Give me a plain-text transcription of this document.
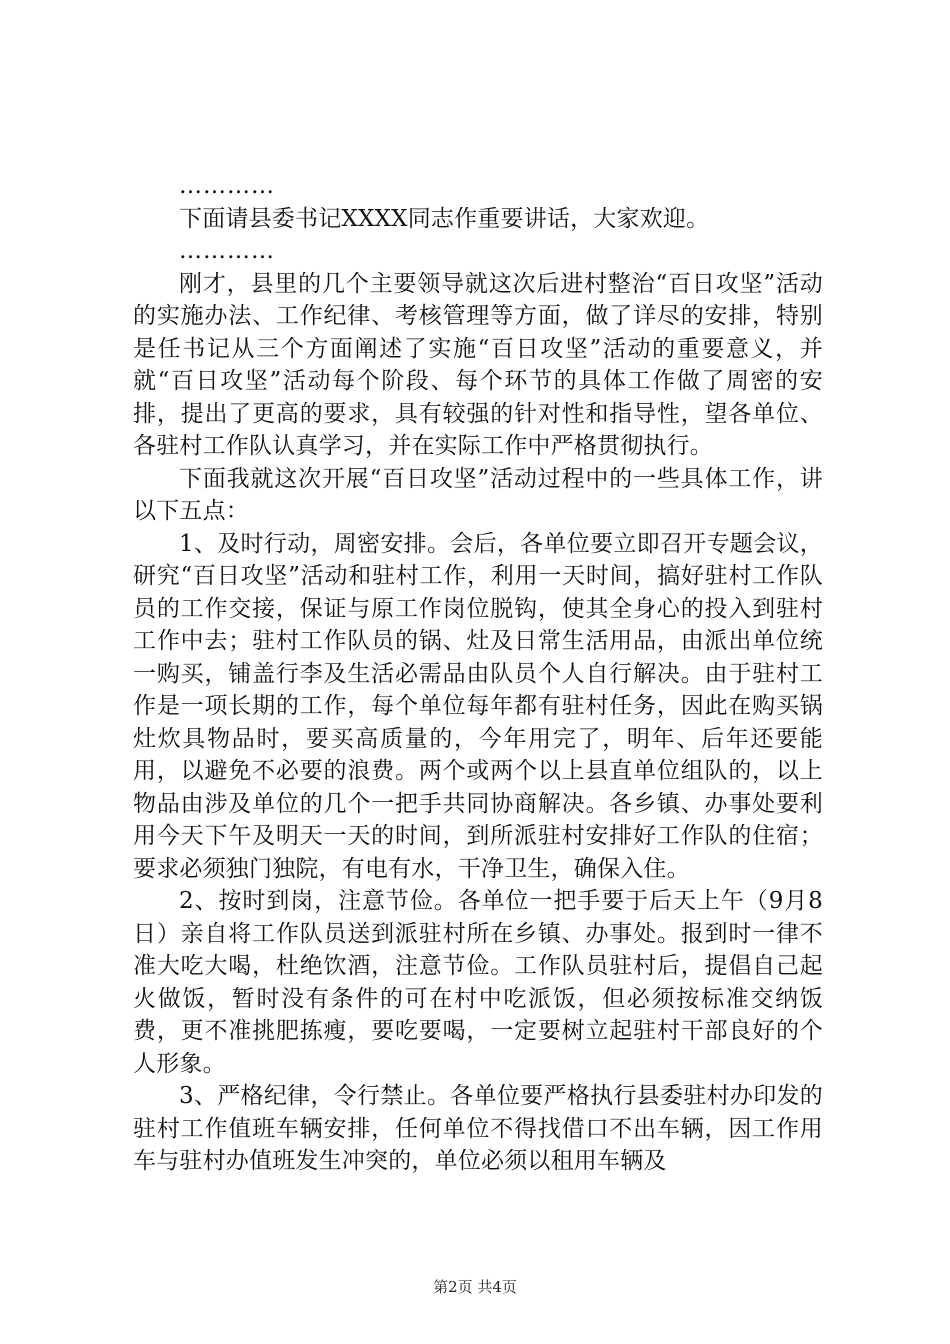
…………
下面请县委书记XXXX同志作重要讲话，大家欢迎。
…………

刚才，县里的几个主要领导就这次后进村整治“百日攻坚”活动的实施办法、工作纪律、考核管理等方面，做了详尽的安排，特别是任书记从三个方面阐述了实施“百日攻坚”活动的重要意义，并就“百日攻坚”活动每个阶段、每个环节的具体工作做了周密的安排，提出了更高的要求，具有较强的针对性和指导性，望各单位、各驻村工作队认真学习，并在实际工作中严格贯彻执行。

下面我就这次开展“百日攻坚”活动过程中的一些具体工作，讲以下五点：

1、及时行动，周密安排。会后，各单位要立即召开专题会议，研究“百日攻坚”活动和驻村工作，利用一天时间，搞好驻村工作队员的工作交接，保证与原工作岗位脱钩，使其全身心的投入到驻村工作中去；驻村工作队员的锅、灶及日常生活用品，由派出单位统一购买，铺盖行李及生活必需品由队员个人自行解决。由于驻村工作是一项长期的工作，每个单位每年都有驻村任务，因此在购买锅灶炊具物品时，要买高质量的，今年用完了，明年、后年还要能用，以避免不必要的浪费。两个或两个以上县直单位组队的，以上物品由涉及单位的几个一把手共同协商解决。各乡镇、办事处要利用今天下午及明天一天的时间，到所派驻村安排好工作队的住宿；要求必须独门独院，有电有水，干净卫生，确保入住。

2、按时到岗，注意节俭。各单位一把手要于后天上午（9月8日）亲自将工作队员送到派驻村所在乡镇、办事处。报到时一律不准大吃大喝，杜绝饮酒，注意节俭。工作队员驻村后，提倡自己起火做饭，暂时没有条件的可在村中吃派饭，但必须按标准交纳饭费，更不准挑肥拣瘦，要吃要喝，一定要树立起驻村干部良好的个人形象。

3、严格纪律，令行禁止。各单位要严格执行县委驻村办印发的驻村工作值班车辆安排，任何单位不得找借口不出车辆，因工作用车与驻村办值班发生冲突的，单位必须以租用车辆及

第2页 共4页
